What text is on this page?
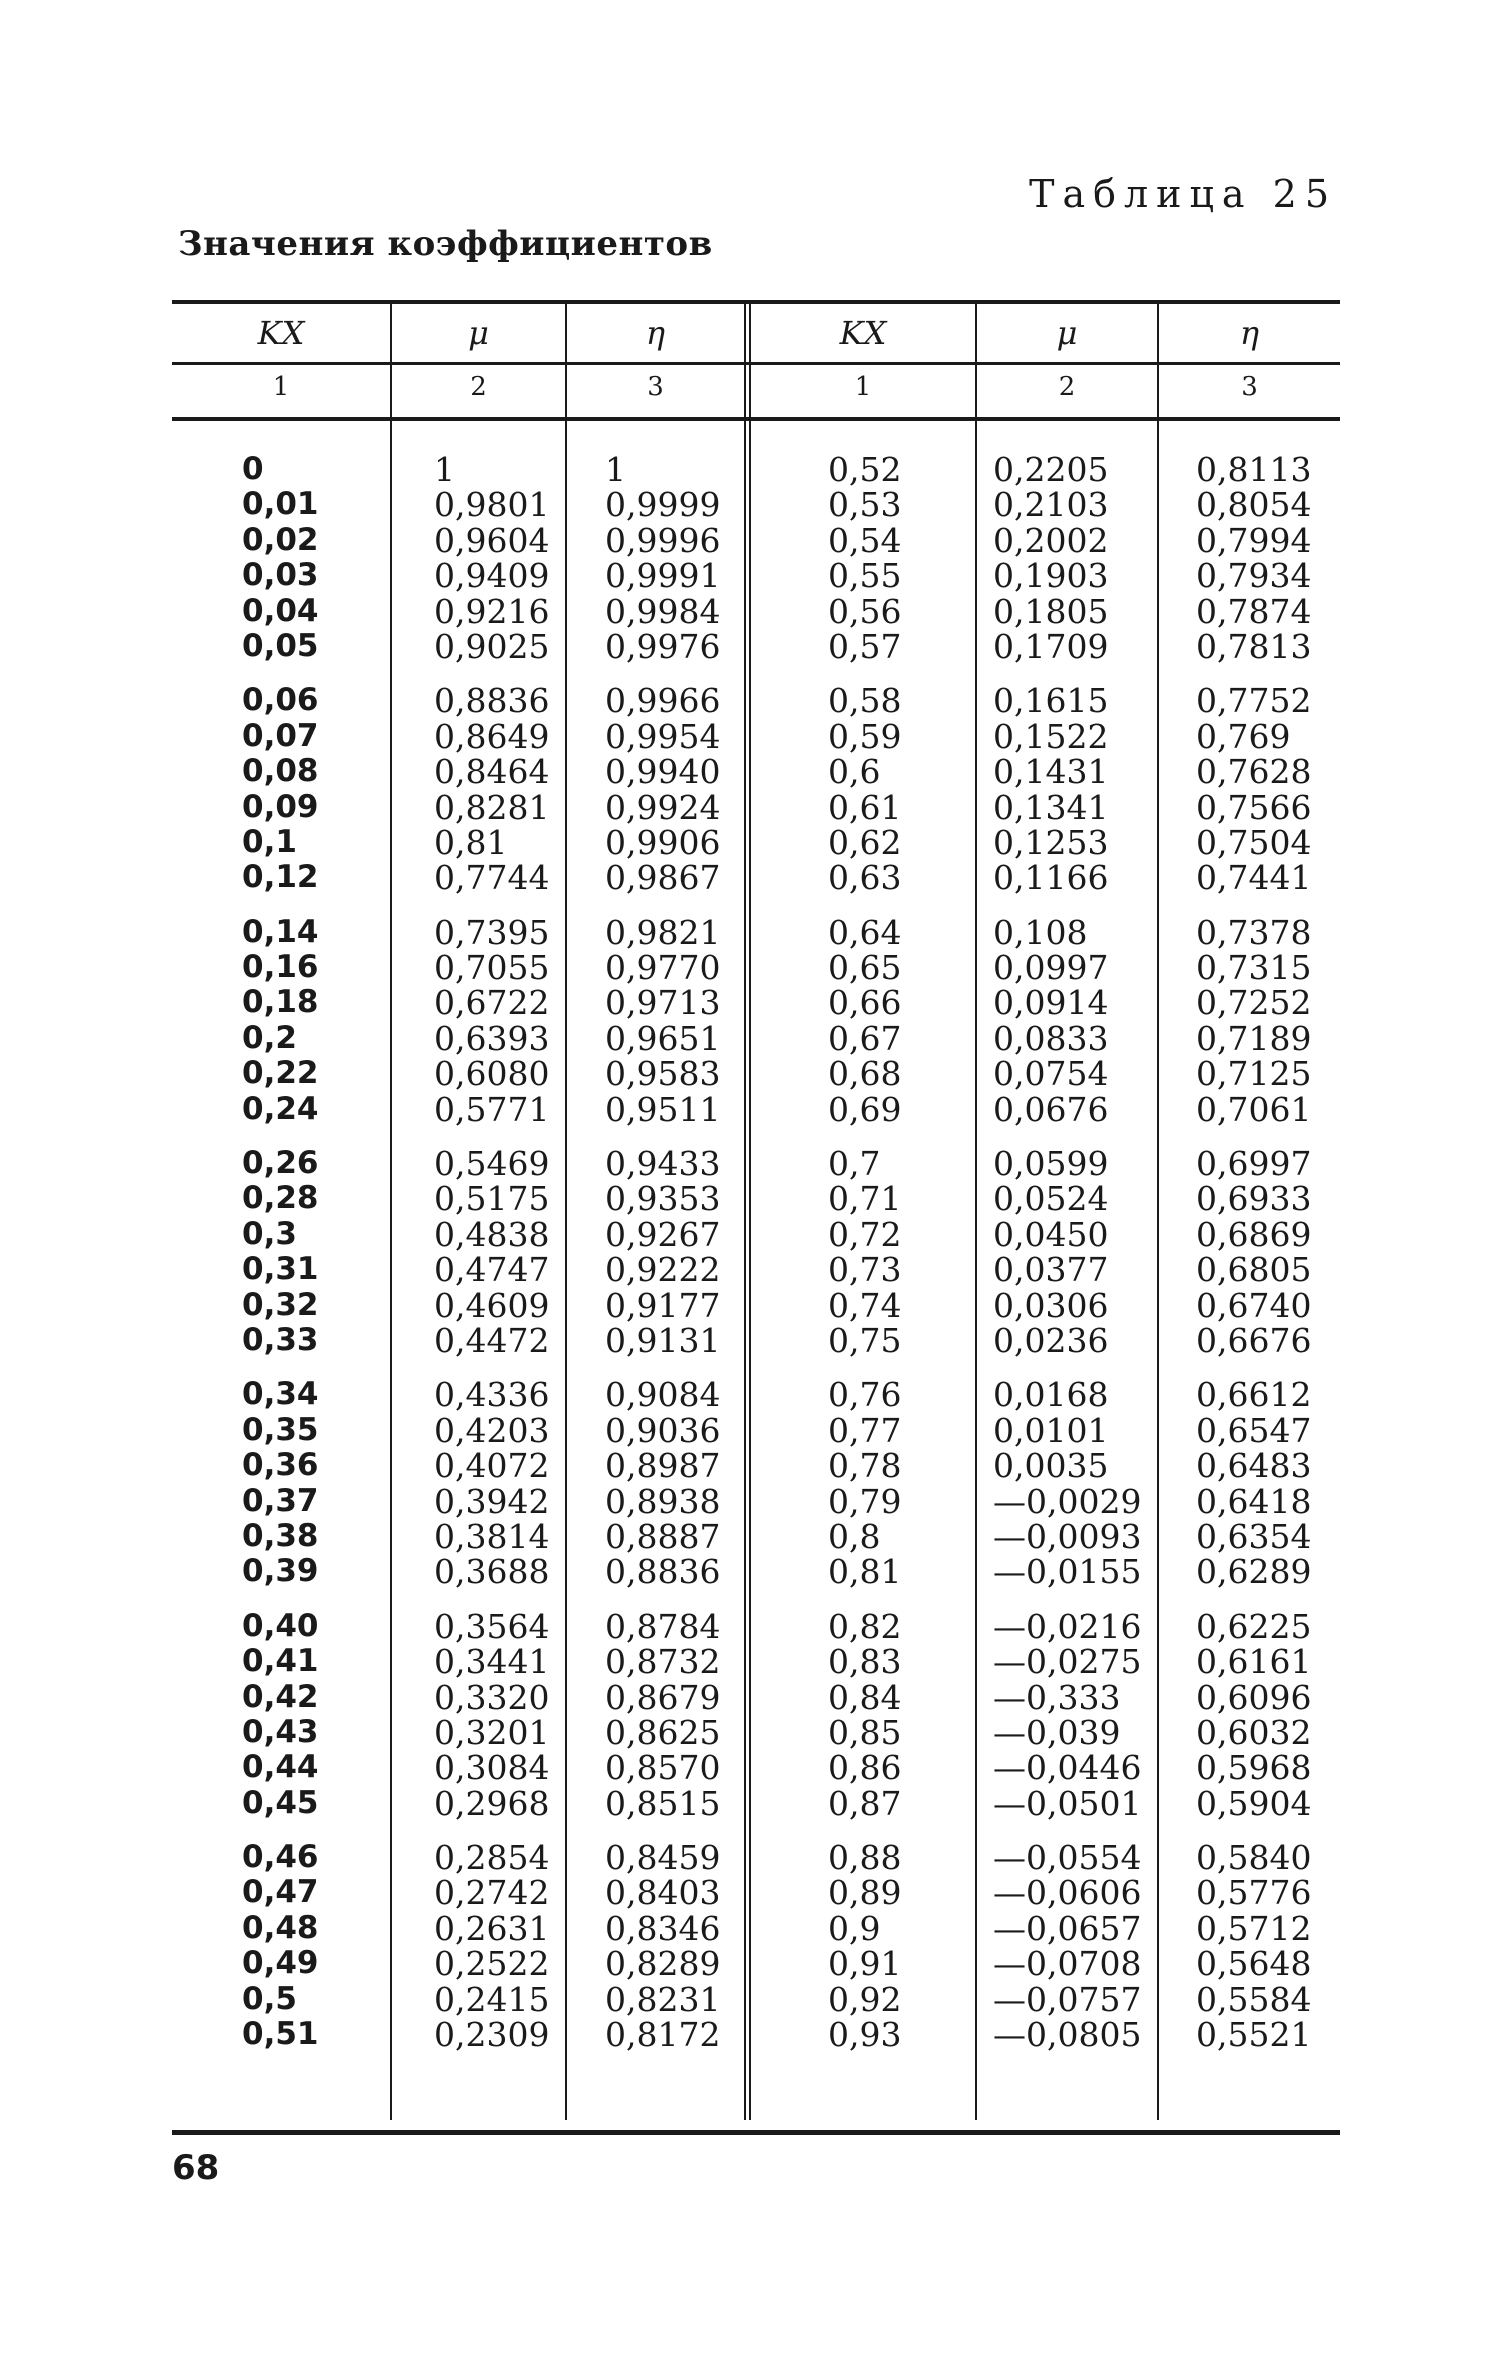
Таблица 25
Значения коэффициентов
KX
1
0
0,01
0,02
0,03
0,04
0,05
0,06
0,07
0,08
0,09
0,1
0,12
0,14
0,16
0,18
0,2
0,22
0,24
0,26
0,28
0,3
0,31
0,32
0,33
0,34
0,35
0,36
0,37
0,38
0,39
0,40
0,41
0,42
0,43
0,44
0,45
0,46
0,47
0,48
0,49
0,5
0,51
μ
2
1
0,9801
0,9604
0,9409
0,9216
0,9025
0,8836
0,8649
0,8464
0,8281
0,81
0,7744
0,7395
0,7055
0,6722
0,6393
0,6080
0,5771
0,5469
0,5175
0,4838
0,4747
0,4609
0,4472
0,4336
0,4203
0,4072
0,3942
0,3814
0,3688
0,3564
0,3441
0,3320
0,3201
0,3084
0,2968
0,2854
0,2742
0,2631
0,2522
0,2415
0,2309
η
3
1
0,9999
0,9996
0,9991
0,9984
0,9976
0,9966
0,9954
0,9940
0,9924
0,9906
0,9867
0,9821
0,9770
0,9713
0,9651
0,9583
0,9511
0,9433
0,9353
0,9267
0,9222
0,9177
0,9131
0,9084
0,9036
0,8987
0,8938
0,8887
0,8836
0,8784
0,8732
0,8679
0,8625
0,8570
0,8515
0,8459
0,8403
0,8346
0,8289
0,8231
0,8172
KX
1
0,52
0,53
0,54
0,55
0,56
0,57
0,58
0,59
0,6
0,61
0,62
0,63
0,64
0,65
0,66
0,67
0,68
0,69
0,7
0,71
0,72
0,73
0,74
0,75
0,76
0,77
0,78
0,79
0,8
0,81
0,82
0,83
0,84
0,85
0,86
0,87
0,88
0,89
0,9
0,91
0,92
0,93
μ
2
0,2205
0,2103
0,2002
0,1903
0,1805
0,1709
0,1615
0,1522
0,1431
0,1341
0,1253
0,1166
0,108
0,0997
0,0914
0,0833
0,0754
0,0676
0,0599
0,0524
0,0450
0,0377
0,0306
0,0236
0,0168
0,0101
0,0035
—0,0029
—0,0093
—0,0155
—0,0216
—0,0275
—0,333
—0,039
—0,0446
—0,0501
—0,0554
—0,0606
—0,0657
—0,0708
—0,0757
—0,0805
η
3
0,8113
0,8054
0,7994
0,7934
0,7874
0,7813
0,7752
0,769
0,7628
0,7566
0,7504
0,7441
0,7378
0,7315
0,7252
0,7189
0,7125
0,7061
0,6997
0,6933
0,6869
0,6805
0,6740
0,6676
0,6612
0,6547
0,6483
0,6418
0,6354
0,6289
0,6225
0,6161
0,6096
0,6032
0,5968
0,5904
0,5840
0,5776
0,5712
0,5648
0,5584
0,5521
68
